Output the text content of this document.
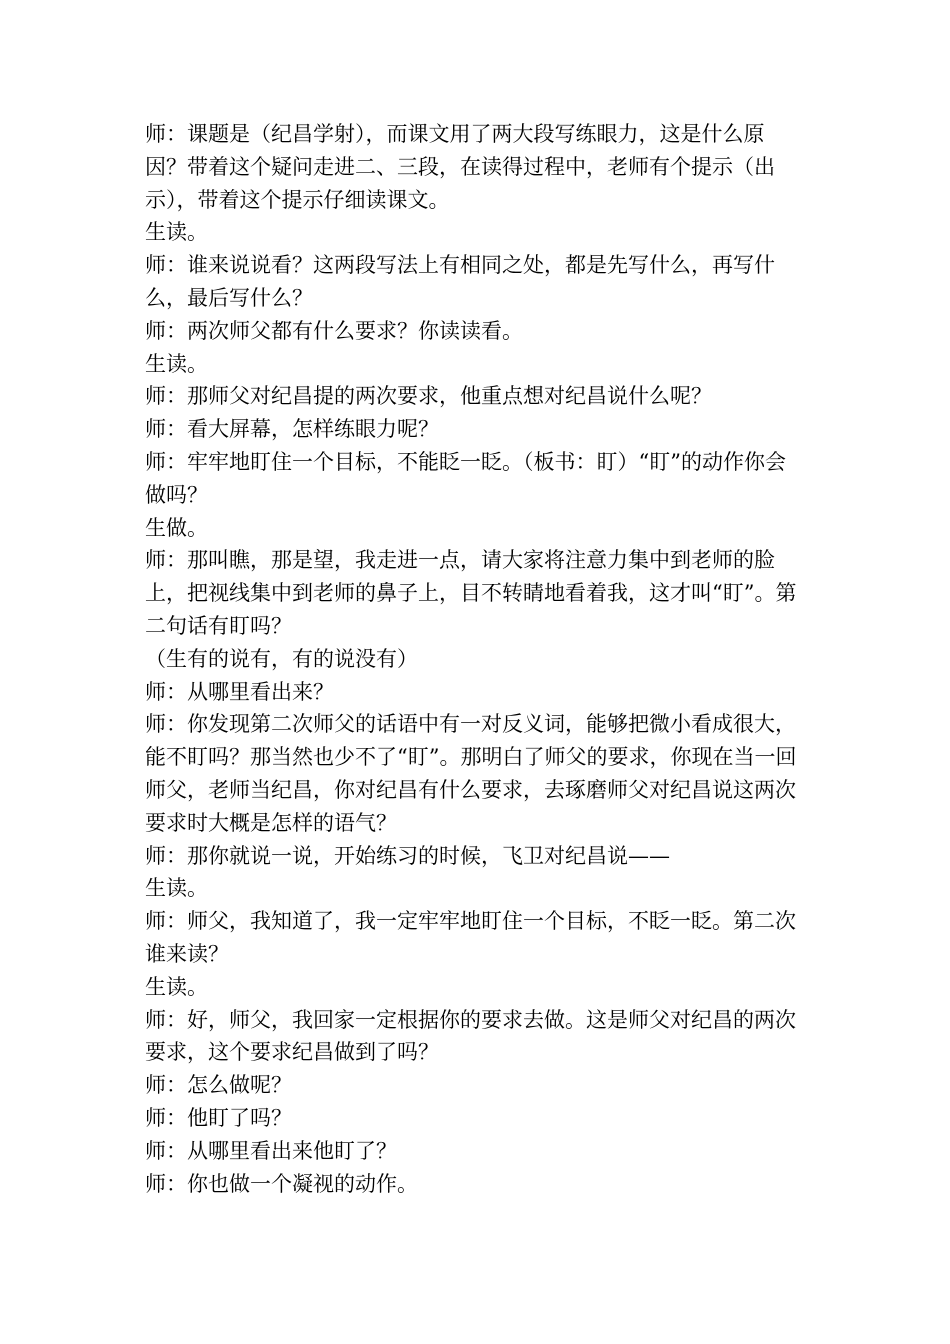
师：课题是（纪昌学射），而课文用了两大段写练眼力，这是什么原因？带着这个疑问走进二、三段，在读得过程中，老师有个提示（出示），带着这个提示仔细读课文。

生读。

师：谁来说说看？这两段写法上有相同之处，都是先写什么，再写什么，最后写什么？

师：两次师父都有什么要求？你读读看。

生读。

师：那师父对纪昌提的两次要求，他重点想对纪昌说什么呢？

师：看大屏幕，怎样练眼力呢？

师：牢牢地盯住一个目标，不能眨一眨。（板书：盯）“盯”的动作你会做吗？

生做。

师：那叫瞧，那是望，我走进一点，请大家将注意力集中到老师的脸上，把视线集中到老师的鼻子上，目不转睛地看着我，这才叫“盯”。第二句话有盯吗？

（生有的说有，有的说没有）

师：从哪里看出来？

师：你发现第二次师父的话语中有一对反义词，能够把微小看成很大，能不盯吗？那当然也少不了“盯”。那明白了师父的要求，你现在当一回师父，老师当纪昌，你对纪昌有什么要求，去琢磨师父对纪昌说这两次要求时大概是怎样的语气？

师：那你就说一说，开始练习的时候，飞卫对纪昌说——

生读。

师：师父，我知道了，我一定牢牢地盯住一个目标，不眨一眨。第二次谁来读？

生读。

师：好，师父，我回家一定根据你的要求去做。这是师父对纪昌的两次要求，这个要求纪昌做到了吗？

师：怎么做呢？

师：他盯了吗？

师：从哪里看出来他盯了？

师：你也做一个凝视的动作。
